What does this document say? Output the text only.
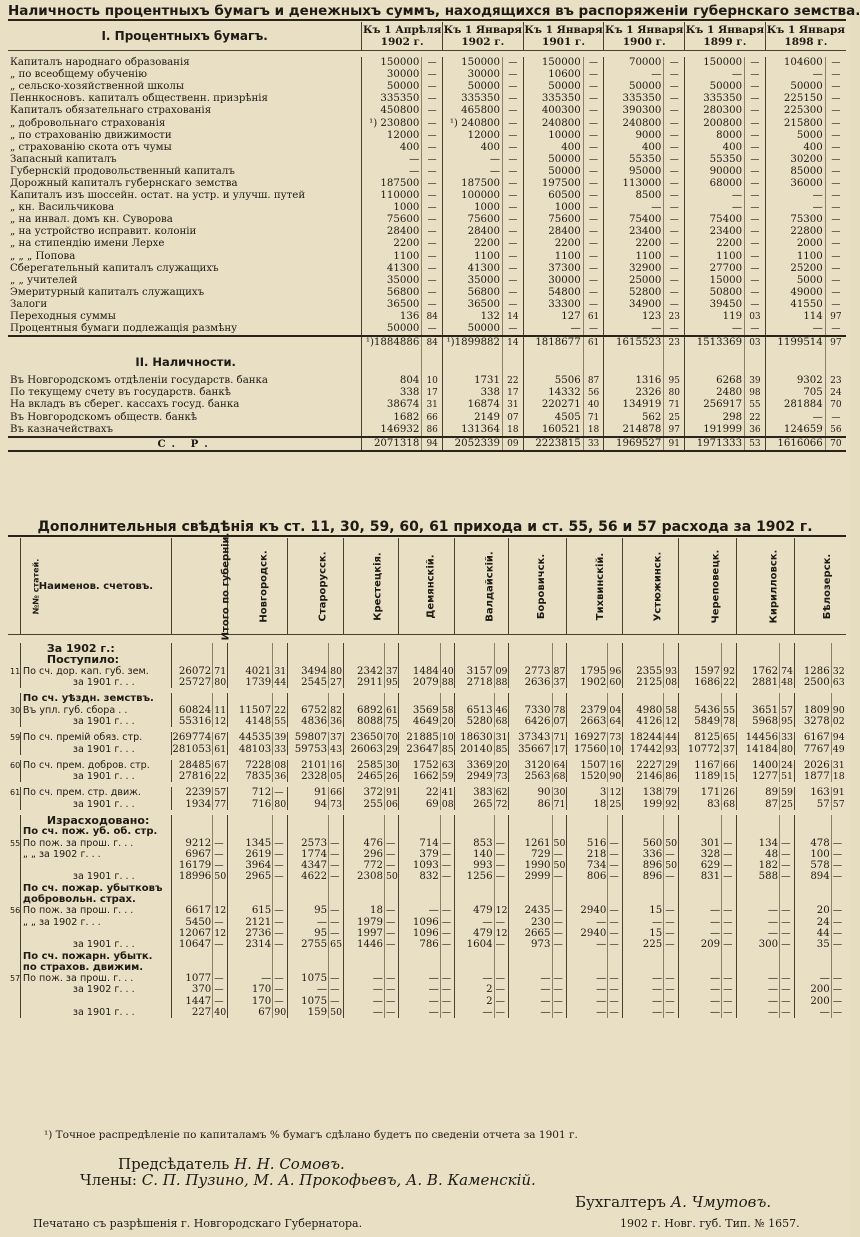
Наличность процентныхъ бумагъ и денежныхъ суммъ, находящихся въ распоряженіи губернскаго земства.
I. Процентныхъ бумагъ.	Къ 1 Апрѣля 1902 г.		Къ 1 Января 1902 г.		Къ 1 Января 1901 г.		Къ 1 Января 1900 г.		Къ 1 Января 1899 г.		Къ 1 Января 1898 г.	

Капиталъ народнаго образованія	150000	—	150000	—	150000	—	70000	—	150000	—	104600	—
„ по всеобщему обученію	30000	—	30000	—	10600	—	—	—	—	—	—	—
„ сельско-хозяйственной школы	50000	—	50000	—	50000	—	50000	—	50000	—	50000	—
Пеннкосновъ. капиталъ общественн. призрѣнія	335350	—	335350	—	335350	—	335350	—	335350	—	225150	—
Капиталъ обязательнаго страхованія	450800	—	465800	—	400300	—	390300	—	280300	—	225300	—
„ добровольнаго страхованія	¹) 230800	—	¹) 240800	—	240800	—	240800	—	200800	—	215800	—
„ по страхованію движимости	12000	—	12000	—	10000	—	9000	—	8000	—	5000	—
„ страхованію скота отъ чумы	400	—	400	—	400	—	400	—	400	—	400	—
Запасный капиталъ	—	—	—	—	50000	—	55350	—	55350	—	30200	—
Губернскій продовольственный капиталъ	—	—	—	—	50000	—	95000	—	90000	—	85000	—
Дорожный капиталъ губернскаго земства	187500	—	187500	—	197500	—	113000	—	68000	—	36000	—
Капиталъ изъ шоссейн. остат. на устр. и улучш. путей	110000	—	100000	—	60500	—	8500	—	—	—	—	—
„ кн. Васильчикова	1000	—	1000	—	1000	—	—	—	—	—	—	—
„ на инвал. домъ кн. Суворова	75600	—	75600	—	75600	—	75400	—	75400	—	75300	—
„ на устройство исправит. колоніи	28400	—	28400	—	28400	—	23400	—	23400	—	22800	—
„ на стипендію имени Лерхе	2200	—	2200	—	2200	—	2200	—	2200	—	2000	—
„ „ „ Попова	1100	—	1100	—	1100	—	1100	—	1100	—	1100	—
Сберегательный капиталъ служащихъ	41300	—	41300	—	37300	—	32900	—	27700	—	25200	—
„ „ учителей	35000	—	35000	—	30000	—	25000	—	15000	—	5000	—
Эмеритурный капиталъ служащихъ	56800	—	56800	—	54800	—	52800	—	50800	—	49000	—
Залоги	36500	—	36500	—	33300	—	34900	—	39450	—	41550	—
Переходныя суммы	136	84	132	14	127	61	123	23	119	03	114	97
Процентныя бумаги подлежащія размѣну	50000	—	50000	—	—	—	—	—	—	—	—	—
	¹)1884886	84	¹)1899882	14	1818677	61	1615523	23	1513369	03	1199514	97
II. Наличности.												
Въ Новгородскомъ отдѣленіи государств. банка	804	10	1731	22	5506	87	1316	95	6268	39	9302	23
По текущему счету въ государств. банкѣ	338	17	338	17	14332	56	2326	80	2480	98	705	24
На вкладъ въ сберег. кассахъ госуд. банка	38674	31	16874	31	220271	40	134919	71	256917	55	281884	70
Въ Новгородскомъ обществ. банкѣ	1682	66	2149	07	4505	71	562	25	298	22	—	—
Въ казначействахъ	146932	86	131364	18	160521	18	214878	97	191999	36	124659	56
С. Р.	2071318	94	2052339	09	2223815	33	1969527	91	1971333	53	1616066	70
Дополнительныя свѣдѣнія къ ст. 11, 30, 59, 60, 61 прихода и ст. 55, 56 и 57 расхода за 1902 г.
№№ статей.	Наименов. счетовъ.	Итого по губерніи.		Новгородск.		Старорусск.		Крестецкія.		Демянскій.		Валдайскій.		Боровичск.		Тихвинскій.		Устюжинск.		Череповецк.		Кирилловск.		Бѣлозерск.	

	За 1902 г.:																								
	Поступило:																								
11	По сч. дор. кап. губ. зем.	26072	71	4021	31	3494	80	2342	37	1484	40	3157	09	2773	87	1795	96	2355	93	1597	92	1762	74	1286	32
	за 1901 г. . .	25727	80	1739	44	2545	27	2911	95	2079	88	2718	88	2636	37	1902	60	2125	08	1686	22	2881	48	2500	63

	По сч. уѣздн. земствъ.																								
30	Въ упл. губ. сбора . .	60824	11	11507	22	6752	82	6892	61	3569	58	6513	46	7330	78	2379	04	4980	58	5436	55	3651	57	1809	90
	за 1901 г. . .	55316	12	4148	55	4836	36	8088	75	4649	20	5280	68	6426	07	2663	64	4126	12	5849	78	5968	95	3278	02

59	По сч. премій обяз. стр.	269774	67	44535	39	59807	37	23650	70	21885	10	18630	31	37343	71	16927	73	18244	44	8125	65	14456	33	6167	94
	за 1901 г. . .	281053	61	48103	33	59753	43	26063	29	23647	85	20140	85	35667	17	17560	10	17442	93	10772	37	14184	80	7767	49

60	По сч. прем. добров. стр.	28485	67	7228	08	2101	16	2585	30	1752	63	3369	20	3120	64	1507	16	2227	29	1167	66	1400	24	2026	31
	за 1901 г. . .	27816	22	7835	36	2328	05	2465	26	1662	59	2949	73	2563	68	1520	90	2146	86	1189	15	1277	51	1877	18

61	По сч. прем. стр. движ.	2239	57	712	—	91	66	372	91	22	41	383	62	90	30	3	12	138	79	171	26	89	59	163	91
	за 1901 г. . .	1934	77	716	80	94	73	255	06	69	08	265	72	86	71	18	25	199	92	83	68	87	25	57	57

	Израсходовано:																								
	По сч. пож. уб. об. стр.																								
55	По пож. за прош. г. . .	9212	—	1345	—	2573	—	476	—	714	—	853	—	1261	50	516	—	560	50	301	—	134	—	478	—
	„ „ за 1902 г. . .	6967	—	2619	—	1774	—	296	—	379	—	140	—	729	—	218	—	336	—	328	—	48	—	100	—
		16179	—	3964	—	4347	—	772	—	1093	—	993	—	1990	50	734	—	896	50	629	—	182	—	578	—
	за 1901 г. . .	18996	50	2965	—	4622	—	2308	50	832	—	1256	—	2999	—	806	—	896	—	831	—	588	—	894	—
	По сч. пожар. убытковъ																								
	добровольн. страх.																								
56	По пож. за прош. г. . .	6617	12	615	—	95	—	18	—	—	—	479	12	2435	—	2940	—	15	—	—	—	—	—	20	—
	„ „ за 1902 г. . .	5450	—	2121	—	—	—	1979	—	1096	—	—	—	230	—	—	—	—	—	—	—	—	—	24	—
		12067	12	2736	—	95	—	1997	—	1096	—	479	12	2665	—	2940	—	15	—	—	—	—	—	44	—
	за 1901 г. . .	10647	—	2314	—	2755	65	1446	—	786	—	1604	—	973	—	—	—	225	—	209	—	300	—	35	—
	По сч. пожарн. убытк.																								
	по страхов. движим.																								
57	По пож. за прош. г. . .	1077	—	—	—	1075	—	—	—	—	—	—	—	—	—	—	—	—	—	—	—	—	—	—	—
	за 1902 г. . .	370	—	170	—	—	—	—	—	—	—	2	—	—	—	—	—	—	—	—	—	—	—	200	—
		1447	—	170	—	1075	—	—	—	—	—	2	—	—	—	—	—	—	—	—	—	—	—	200	—
	за 1901 г. . .	227	40	67	90	159	50	—	—	—	—	—	—	—	—	—	—	—	—	—	—	—	—	—	—
¹) Точное распредѣленіе по капиталамъ % бумагъ сдѣлано будетъ по сведеніи отчета за 1901 г.
Предсѣдатель Н. Н. Сомовъ.
Члены: С. П. Пузино, М. А. Прокофьевъ, А. В. Каменскій.
Бухгалтеръ А. Чмутовъ.
Печатано съ разрѣшенія г. Новгородскаго Губернатора.	1902 г. Новг. губ. Тип. № 1657.
